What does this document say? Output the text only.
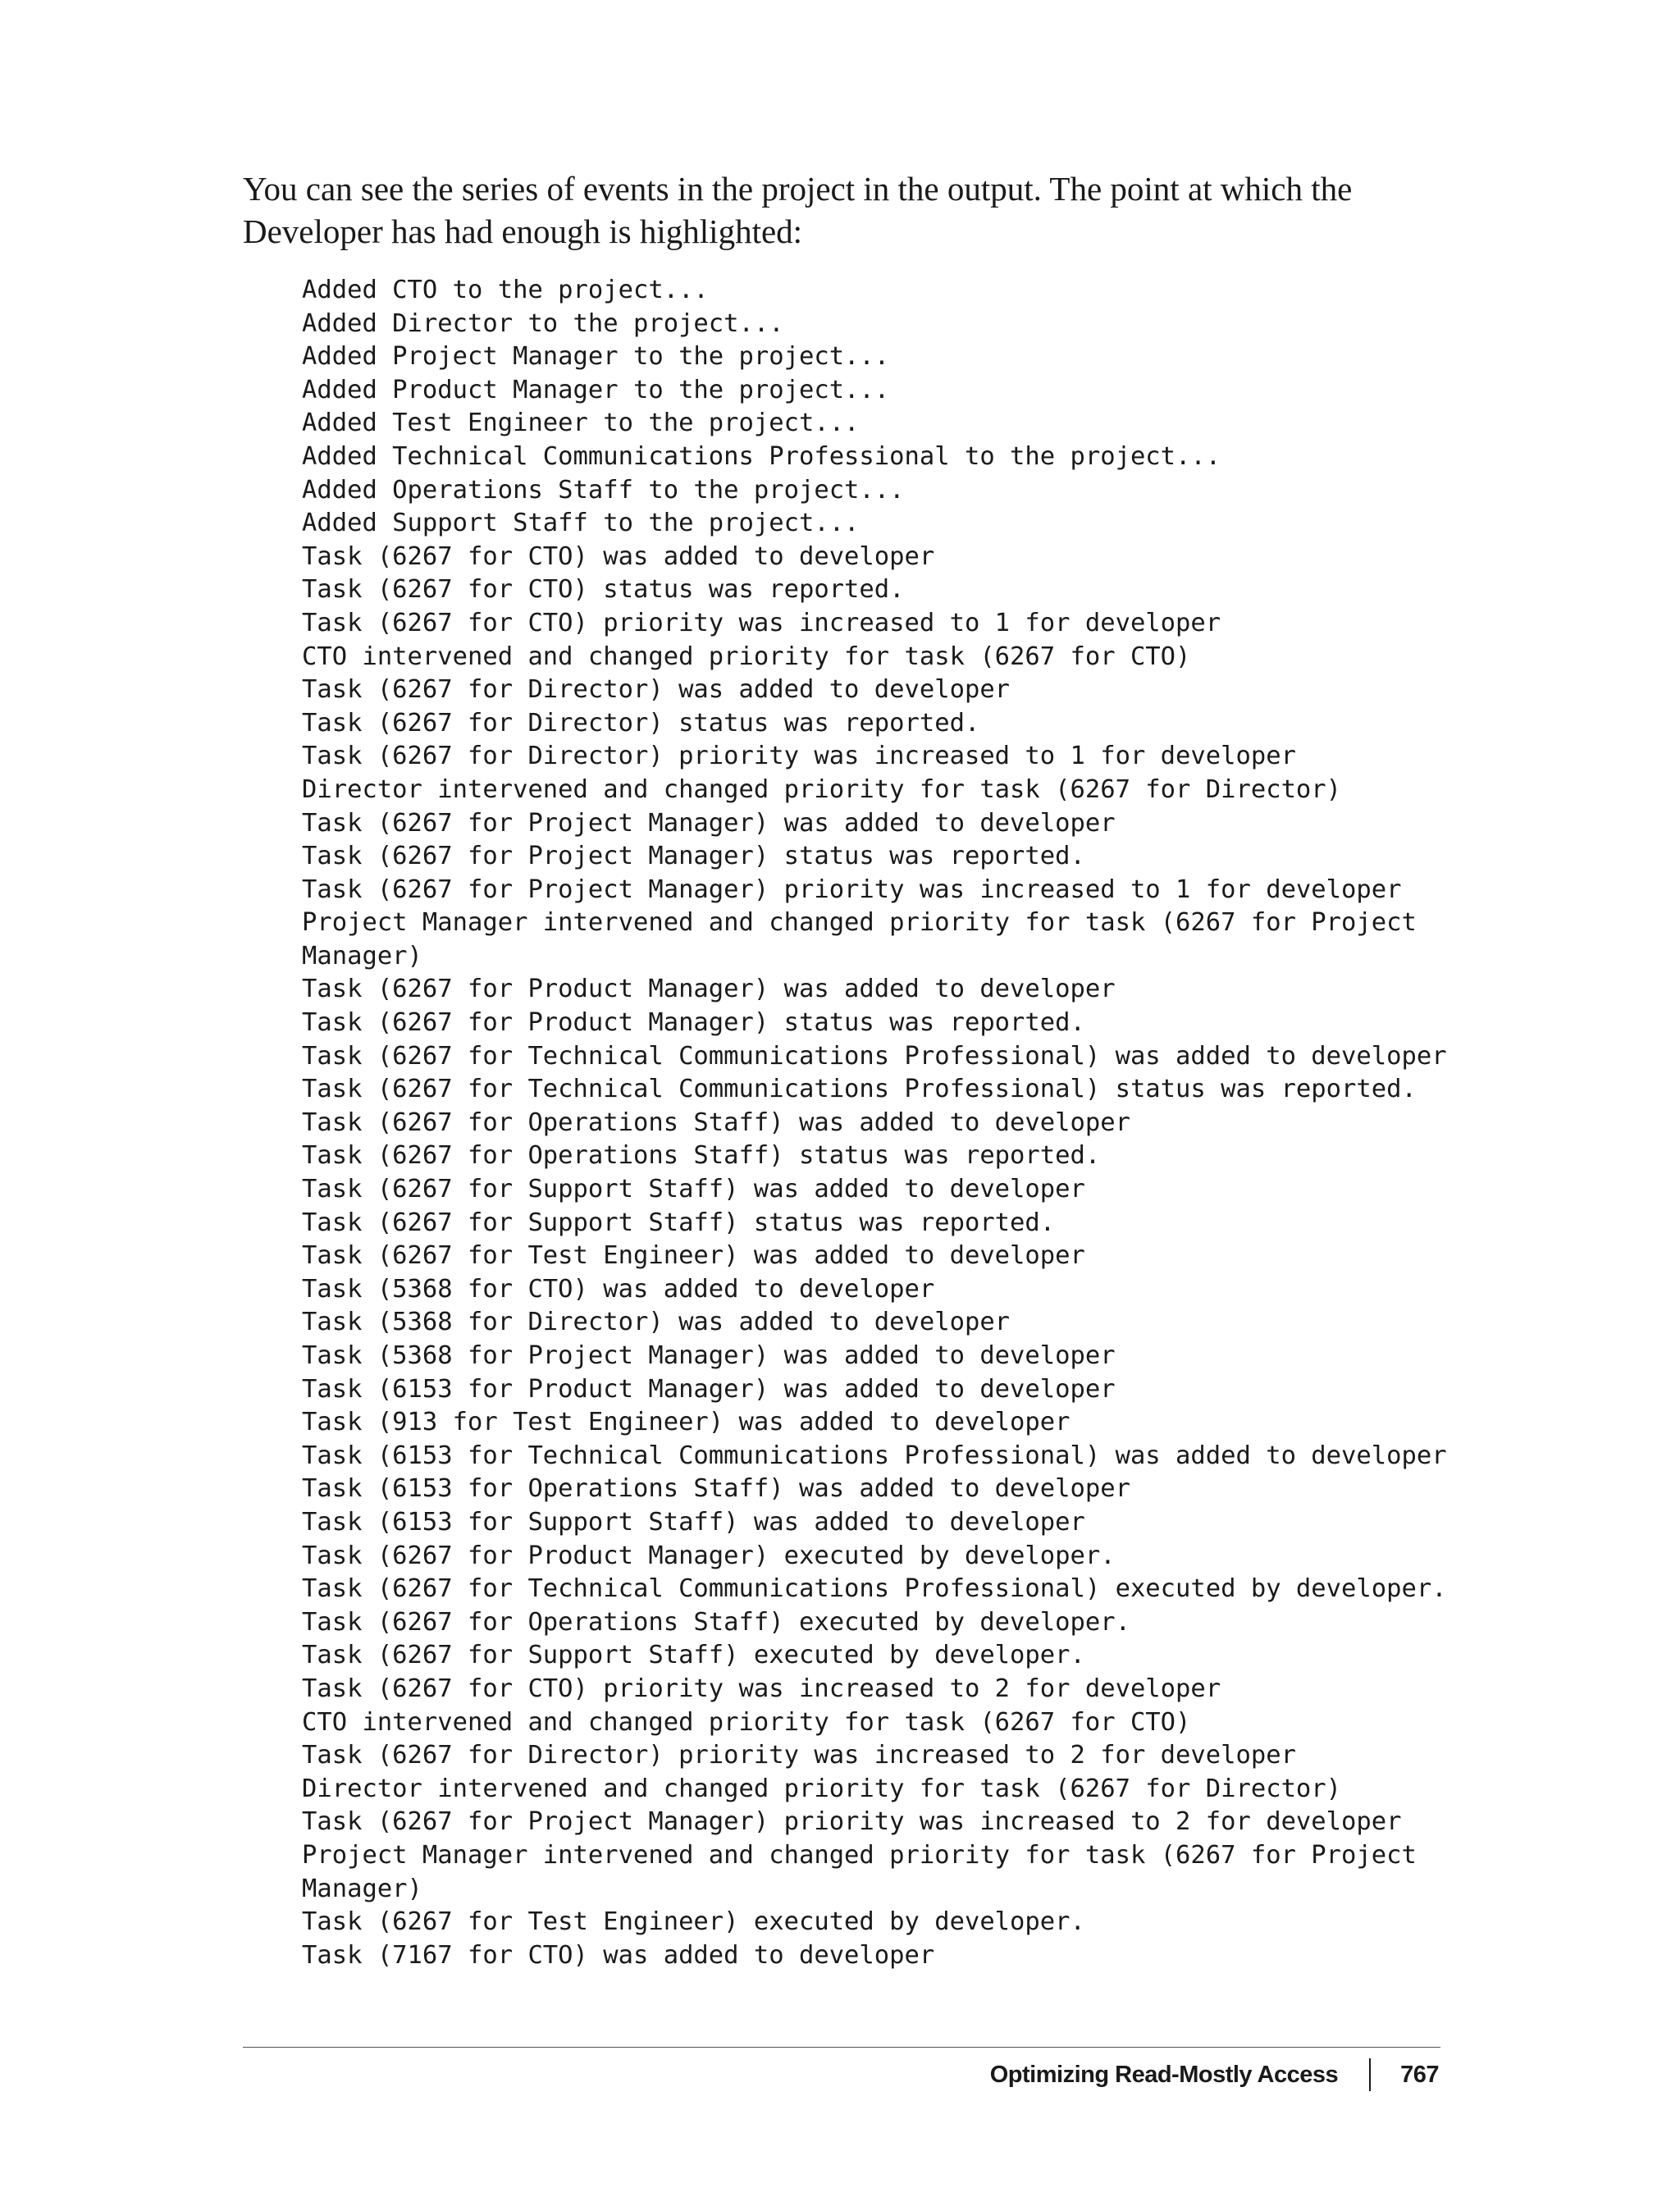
You can see the series of events in the project in the output. The point at which the Developer has had enough is highlighted:

Added CTO to the project...
Added Director to the project...
Added Project Manager to the project...
Added Product Manager to the project...
Added Test Engineer to the project...
Added Technical Communications Professional to the project...
Added Operations Staff to the project...
Added Support Staff to the project...
Task (6267 for CTO) was added to developer
Task (6267 for CTO) status was reported.
Task (6267 for CTO) priority was increased to 1 for developer
CTO intervened and changed priority for task (6267 for CTO)
Task (6267 for Director) was added to developer
Task (6267 for Director) status was reported.
Task (6267 for Director) priority was increased to 1 for developer
Director intervened and changed priority for task (6267 for Director)
Task (6267 for Project Manager) was added to developer
Task (6267 for Project Manager) status was reported.
Task (6267 for Project Manager) priority was increased to 1 for developer
Project Manager intervened and changed priority for task (6267 for Project
Manager)
Task (6267 for Product Manager) was added to developer
Task (6267 for Product Manager) status was reported.
Task (6267 for Technical Communications Professional) was added to developer
Task (6267 for Technical Communications Professional) status was reported.
Task (6267 for Operations Staff) was added to developer
Task (6267 for Operations Staff) status was reported.
Task (6267 for Support Staff) was added to developer
Task (6267 for Support Staff) status was reported.
Task (6267 for Test Engineer) was added to developer
Task (5368 for CTO) was added to developer
Task (5368 for Director) was added to developer
Task (5368 for Project Manager) was added to developer
Task (6153 for Product Manager) was added to developer
Task (913 for Test Engineer) was added to developer
Task (6153 for Technical Communications Professional) was added to developer
Task (6153 for Operations Staff) was added to developer
Task (6153 for Support Staff) was added to developer
Task (6267 for Product Manager) executed by developer.
Task (6267 for Technical Communications Professional) executed by developer.
Task (6267 for Operations Staff) executed by developer.
Task (6267 for Support Staff) executed by developer.
Task (6267 for CTO) priority was increased to 2 for developer
CTO intervened and changed priority for task (6267 for CTO)
Task (6267 for Director) priority was increased to 2 for developer
Director intervened and changed priority for task (6267 for Director)
Task (6267 for Project Manager) priority was increased to 2 for developer
Project Manager intervened and changed priority for task (6267 for Project
Manager)
Task (6267 for Test Engineer) executed by developer.
Task (7167 for CTO) was added to developer
Optimizing Read-Mostly Access	767
